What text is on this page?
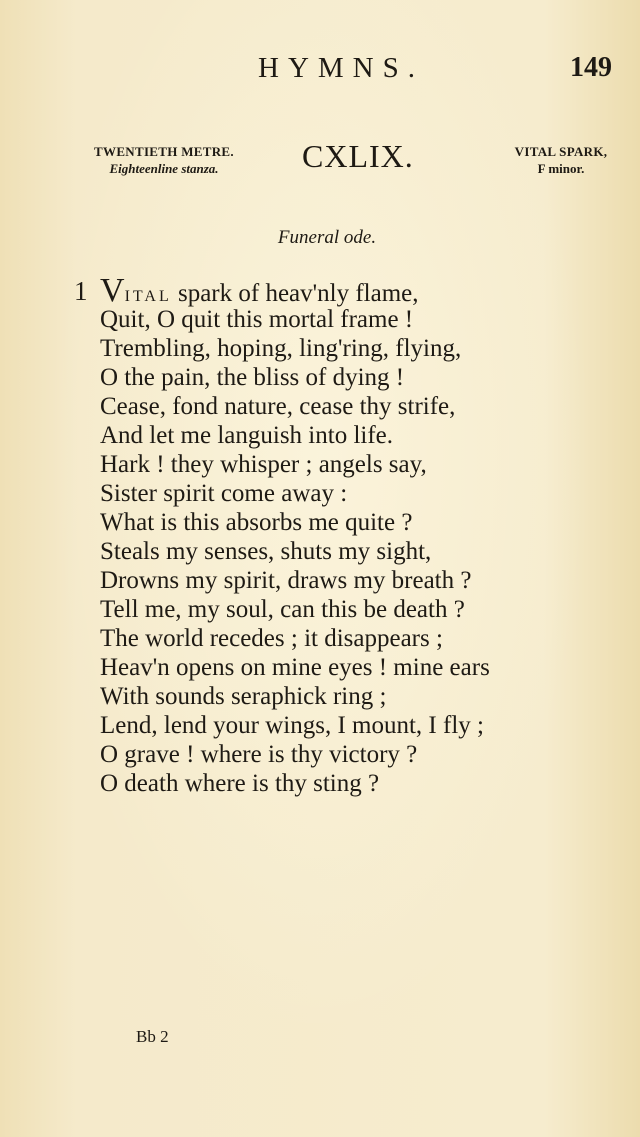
HYMNS.	149
TWENTIETH METRE.
Eighteenline stanza.	CXLIX.	VITAL SPARK,
F minor.
Funeral ode.
1 VITAL spark of heav'nly flame,
Quit, O quit this mortal frame !
Trembling, hoping, ling'ring, flying,
O the pain, the bliss of dying !
Cease, fond nature, cease thy strife,
And let me languish into life.
Hark ! they whisper ; angels say,
Sister spirit come away :
What is this absorbs me quite ?
Steals my senses, shuts my sight,
Drowns my spirit, draws my breath ?
Tell me, my soul, can this be death ?
The world recedes ; it disappears ;
Heav'n opens on mine eyes ! mine ears
With sounds seraphick ring ;
Lend, lend your wings, I mount, I fly ;
O grave ! where is thy victory ?
O death where is thy sting ?
Bb 2
